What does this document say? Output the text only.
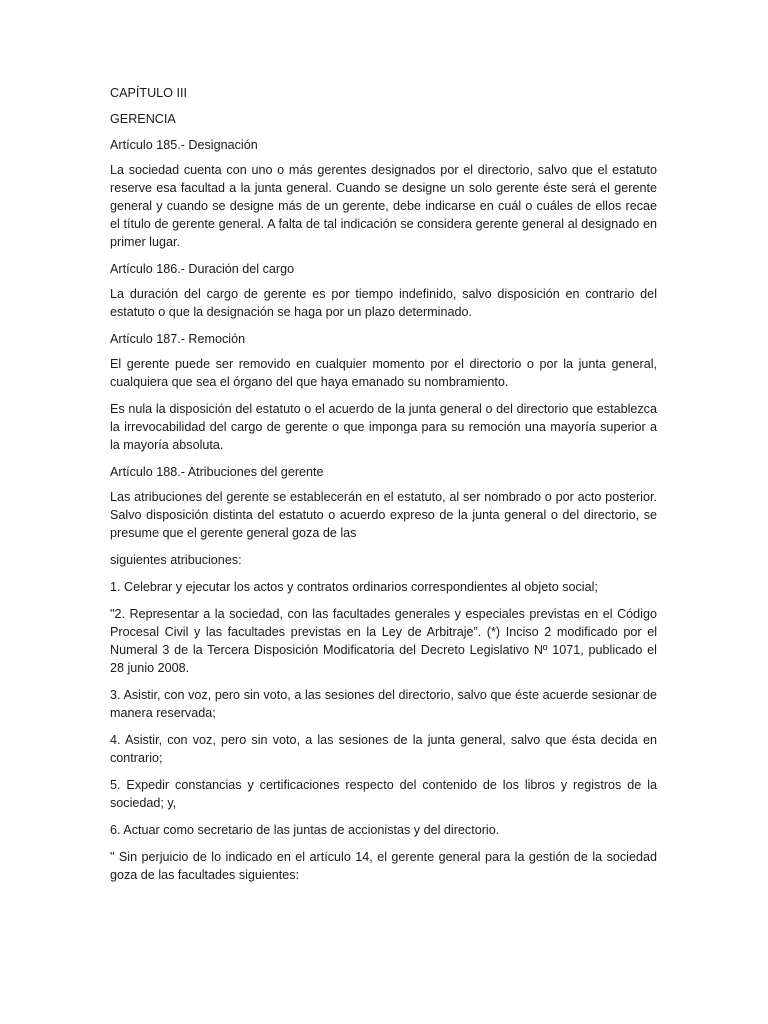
CAPÍTULO III

GERENCIA

Artículo 185.- Designación

La sociedad cuenta con uno o más gerentes designados por el directorio, salvo que el estatuto reserve esa facultad a la junta general. Cuando se designe un solo gerente éste será el gerente general y cuando se designe más de un gerente, debe indicarse en cuál o cuáles de ellos recae el título de gerente general. A falta de tal indicación se considera gerente general al designado en primer lugar.

Artículo 186.- Duración del cargo

La duración del cargo de gerente es por tiempo indefinido, salvo disposición en contrario del estatuto o que la designación se haga por un plazo determinado.

Artículo 187.- Remoción

El gerente puede ser removido en cualquier momento por el directorio o por la junta general, cualquiera que sea el órgano del que haya emanado su nombramiento.

Es nula la disposición del estatuto o el acuerdo de la junta general o del directorio que establezca la irrevocabilidad del cargo de gerente o que imponga para su remoción una mayoría superior a la mayoría absoluta.

Artículo 188.- Atribuciones del gerente

Las atribuciones del gerente se establecerán en el estatuto, al ser nombrado o por acto posterior. Salvo disposición distinta del estatuto o acuerdo expreso de la junta general o del directorio, se presume que el gerente general goza de las

siguientes atribuciones:

1. Celebrar y ejecutar los actos y contratos ordinarios correspondientes al objeto social;

"2. Representar a la sociedad, con las facultades generales y especiales previstas en el Código Procesal Civil y las facultades previstas en la Ley de Arbitraje”. (*) Inciso 2 modificado por el Numeral 3 de la Tercera Disposición Modificatoria del Decreto Legislativo Nº 1071, publicado el 28 junio 2008.

3. Asistir, con voz, pero sin voto, a las sesiones del directorio, salvo que éste acuerde sesionar de manera reservada;

4. Asistir, con voz, pero sin voto, a las sesiones de la junta general, salvo que ésta decida en contrario;

5. Expedir constancias y certificaciones respecto del contenido de los libros y registros de la sociedad; y,

6. Actuar como secretario de las juntas de accionistas y del directorio.

" Sin perjuicio de lo indicado en el artículo 14, el gerente general para la gestión de la sociedad goza de las facultades siguientes:
